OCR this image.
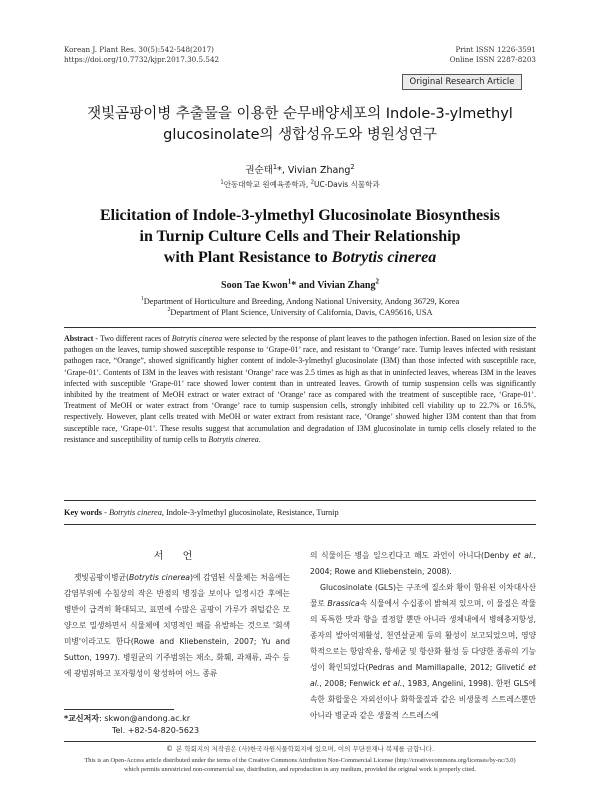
Korean J. Plant Res. 30(5):542-548(2017)
https://doi.org/10.7732/kjpr.2017.30.5.542
Print ISSN 1226-3591
Online ISSN 2287-8203
Original Research Article
잿빛곰팡이병 추출물을 이용한 순무배양세포의 Indole-3-ylmethyl
glucosinolate의 생합성유도와 병원성연구
권순태$^1$*, Vivian Zhang$^2$
$^1$안동대학교 원예육종학과, $^2$UC-Davis 식물학과
Elicitation of Indole-3-ylmethyl Glucosinolate Biosynthesis
in Turnip Culture Cells and Their Relationship
with Plant Resistance to Botrytis cinerea
Soon Tae Kwon$^1$* and Vivian Zhang$^2$
$^1$Department of Horticulture and Breeding, Andong National University, Andong 36729, Korea
$^2$Department of Plant Science, University of California, Davis, CA95616, USA
Abstract - Two different races of Botrytis cinerea were selected by the response of plant leaves to the pathogen infection. Based on lesion size of the pathogen on the leaves, turnip showed susceptible response to ‘Grape-01’ race, and resistant to ‘Orange’ race. Turnip leaves infected with resistant pathogen race, “Orange”, showed significantly higher content of indole-3-ylmethyl glucosinolate (I3M) than those infected with susceptible race, ‘Grape-01’. Contents of I3M in the leaves with resistant ‘Orange’ race was 2.5 times as high as that in uninfected leaves, whereas I3M in the leaves infected with susceptible ‘Grape-01’ race showed lower content than in untreated leaves. Growth of turnip suspension cells was significantly inhibited by the treatment of MeOH extract or water extract of ‘Orange’ race as compared with the treatment of susceptible race, ‘Grape-01’. Treatment of MeOH or water extract from ‘Orange’ race to turnip suspension cells, strongly inhibited cell viability up to 22.7% or 16.5%, respectively. However, plant cells treated with MeOH or water extract from resistant race, ‘Orange’ showed higher I3M content than that from susceptible race, ‘Grape-01’. These results suggest that accumulation and degradation of I3M glucosinolate in turnip cells closely related to the resistance and susceptibility of turnip cells to Botrytis cinerea.
Key words - Botrytis cinerea, Indole-3-ylmethyl glucosinolate, Resistance, Turnip
서 언

잿빛곰팡이병균(Botrytis cinerea)에 감염된 식물체는 처음에는 감염부위에 수침상의 작은 반점의 병징을 보이나 일정시간 후에는 병반이 급격히 확대되고, 표면에 수많은 곰팡이 가루가 쥐털같은 모양으로 밀생하면서 식물체에 치명적인 해를 유발하는 것으로 '회색미병'이라고도 한다(Rowe and Kliebenstein, 2007; Yu and Sutton, 1997). 병원균의 기주범위는 채소, 화훼, 과채류, 과수 등에 광범위하고 포자형성이 왕성하여 어느 종류

의 식물이든 병을 일으킨다고 해도 과언이 아니다(Denby et al., 2004; Rowe and Kliebenstein, 2008).

Glucosinolate (GLS)는 구조에 질소와 황이 함유된 이차대사산물로 Brassica속 식물에서 수십종이 밝혀져 있으며, 이 물질은 작물의 독특한 맛과 향을 결정할 뿐만 아니라 생체내에서 병해충저항성, 종자의 발아억제활성, 천연살균제 등의 활성이 보고되었으며, 영양학적으로는 항암작용, 항세균 및 항산화 활성 등 다양한 종류의 기능성이 확인되었다(Pedras and Mamillapalle, 2012; Glivetić et al., 2008; Fenwick et al., 1983, Angelini, 1998). 한편 GLS에 속한 화합물은 자외선이나 화학물질과 같은 비생물적 스트레스뿐만 아니라 병균과 같은 생물적 스트레스에

*교신저자: skwon@andong.ac.kr
Tel. +82-54-820-5623
© 본 학회지의 저작권은 (사)한국자원식물학회지에 있으며, 이의 무단전재나 복제를 금합니다.
This is an Open-Access article distributed under the terms of the Creative Commons Attribution Non-Commercial License (http://creativecommons.org/licenses/by-nc/3.0)
which permits unrestricted non-commercial use, distribution, and reproduction in any medium, provided the original work is properly cited.
